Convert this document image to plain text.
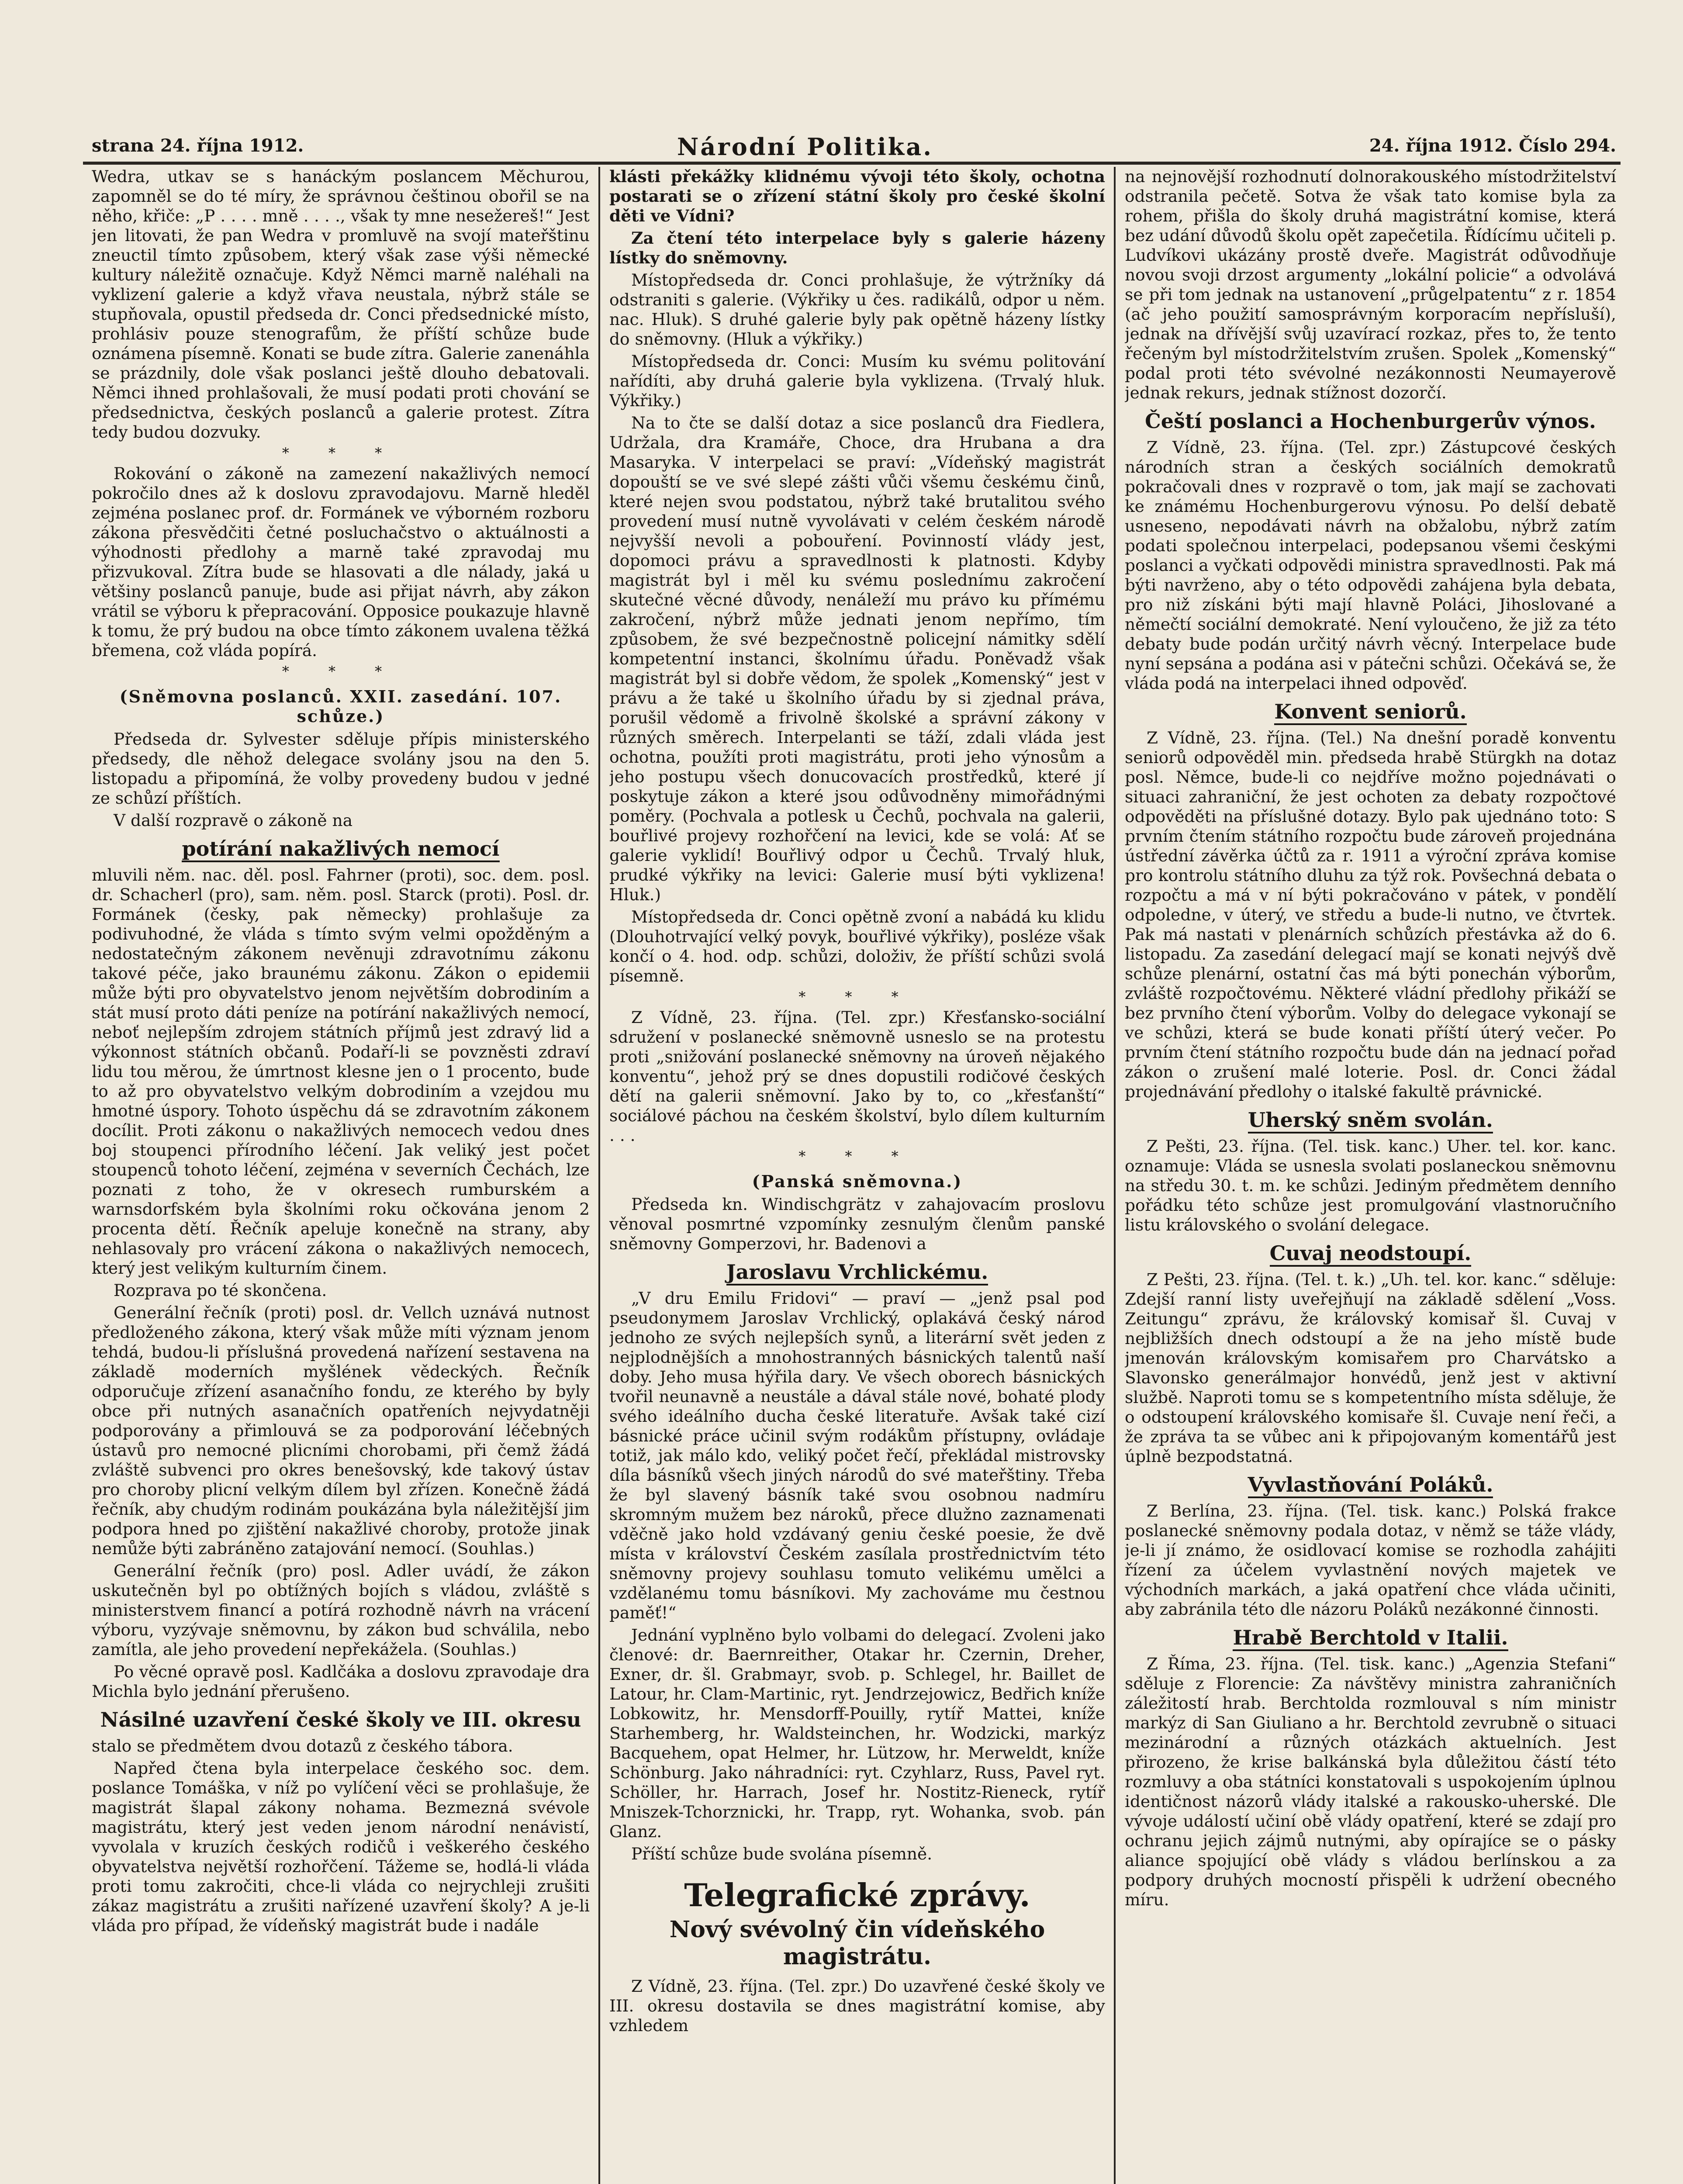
strana 24. října 1912.	Národní Politika.	24. října 1912. Číslo 294.

Wedra, utkav se s hanáckým poslancem Měchurou, zapomněl se do té míry, že správnou češtinou obořil se na něho, křiče: „P . . . . mně . . . ., však ty mne nesežereš!“ Jest jen litovati, že pan Wedra v promluvě na svojí mateřštinu zneuctil tímto způsobem, který však zase výši německé kultury náležitě označuje. Když Němci marně naléhali na vyklizení galerie a když vřava neustala, nýbrž stále se stupňovala, opustil předseda dr. Conci předsednické místo, prohlásiv pouze stenografům, že příští schůze bude oznámena písemně. Konati se bude zítra. Galerie zanenáhla se prázdnily, dole však poslanci ještě dlouho debatovali. Němci ihned prohlašovali, že musí podati proti chování se předsednictva, českých poslanců a galerie protest. Zítra tedy budou dozvuky.

* * *

Rokování o zákoně na zamezení nakažlivých nemocí pokročilo dnes až k doslovu zpravodajovu. Marně hleděl zejména poslanec prof. dr. Formánek ve výborném rozboru zákona přesvědčiti četné posluchačstvo o aktuálnosti a výhodnosti předlohy a marně také zpravodaj mu přizvukoval. Zítra bude se hlasovati a dle nálady, jaká u většiny poslanců panuje, bude asi přijat návrh, aby zákon vrátil se výboru k přepracování. Opposice poukazuje hlavně k tomu, že prý budou na obce tímto zákonem uvalena těžká břemena, což vláda popírá.

* * *
(Sněmovna poslanců. XXII. zasedání. 107. schůze.)

Předseda dr. Sylvester sděluje přípis ministerského předsedy, dle něhož delegace svolány jsou na den 5. listopadu a připomíná, že volby provedeny budou v jedné ze schůzí příštích.

V další rozpravě o zákoně na

potírání nakažlivých nemocí

mluvili něm. nac. děl. posl. Fahrner (proti), soc. dem. posl. dr. Schacherl (pro), sam. něm. posl. Starck (proti). Posl. dr. Formánek (česky, pak německy) prohlašuje za podivuhodné, že vláda s tímto svým velmi opožděným a nedostatečným zákonem nevěnuji zdravotnímu zákonu takové péče, jako braunému zákonu. Zákon o epidemii může býti pro obyvatelstvo jenom největším dobrodiním a stát musí proto dáti peníze na potírání nakažlivých nemocí, neboť nejlepším zdrojem státních příjmů jest zdravý lid a výkonnost státních občanů. Podaří-li se povzněsti zdraví lidu tou měrou, že úmrtnost klesne jen o 1 procento, bude to až pro obyvatelstvo velkým dobrodiním a vzejdou mu hmotné úspory. Tohoto úspěchu dá se zdravotním zákonem docílit. Proti zákonu o nakažlivých nemocech vedou dnes boj stoupenci přírodního léčení. Jak veliký jest počet stoupenců tohoto léčení, zejména v severních Čechách, lze poznati z toho, že v okresech rumburském a warnsdorfském byla školními roku očkována jenom 2 procenta dětí. Řečník apeluje konečně na strany, aby nehlasovaly pro vrácení zákona o nakažlivých nemocech, který jest velikým kulturním činem.

Rozprava po té skončena.

Generální řečník (proti) posl. dr. Vellch uznává nutnost předloženého zákona, který však může míti význam jenom tehdá, budou-li příslušná provedená nařízení sestavena na základě moderních myšlének vědeckých. Řečník odporučuje zřízení asanačního fondu, ze kterého by byly obce při nutných asanačních opatřeních nejvydatněji podporovány a přimlouvá se za podporování léčebných ústavů pro nemocné plicními chorobami, při čemž žádá zvláště subvenci pro okres benešovský, kde takový ústav pro choroby plicní velkým dílem byl zřízen. Konečně žádá řečník, aby chudým rodinám poukázána byla náležitější jim podpora hned po zjištění nakažlivé choroby, protože jinak nemůže býti zabráněno zatajování nemocí. (Souhlas.)

Generální řečník (pro) posl. Adler uvádí, že zákon uskutečněn byl po obtížných bojích s vládou, zvláště s ministerstvem financí a potírá rozhodně návrh na vrácení výboru, vyzývaje sněmovnu, by zákon bud schválila, nebo zamítla, ale jeho provedení nepřekážela. (Souhlas.)

Po věcné opravě posl. Kadlčáka a doslovu zpravodaje dra Michla bylo jednání přerušeno.

Násilné uzavření české školy ve III. okresu

stalo se předmětem dvou dotazů z českého tábora.

Napřed čtena byla interpelace českého soc. dem. poslance Tomáška, v níž po vylíčení věci se prohlašuje, že magistrát šlapal zákony nohama. Bezmezná svévole magistrátu, který jest veden jenom národní nenávistí, vyvolala v kruzích českých rodičů i veškerého českého obyvatelstva největší rozhořčení. Tážeme se, hodlá-li vláda proti tomu zakročiti, chce-li vláda co nejrychleji zrušiti zákaz magistrátu a zrušiti nařízené uzavření školy? A je-li vláda pro případ, že vídeňský magistrát bude i nadále

klásti překážky klidnému vývoji této školy, ochotna postarati se o zřízení státní školy pro české školní děti ve Vídni?

Za čtení této interpelace byly s galerie házeny lístky do sněmovny.

Místopředseda dr. Conci prohlašuje, že výtržníky dá odstraniti s galerie. (Výkřiky u čes. radikálů, odpor u něm. nac. Hluk). S druhé galerie byly pak opětně házeny lístky do sněmovny. (Hluk a výkřiky.)

Místopředseda dr. Conci: Musím ku svému politování nařídíti, aby druhá galerie byla vyklizena. (Trvalý hluk. Výkřiky.)

Na to čte se další dotaz a sice poslanců dra Fiedlera, Udržala, dra Kramáře, Choce, dra Hrubana a dra Masaryka. V interpelaci se praví: „Vídeňský magistrát dopouští se ve své slepé zášti vůči všemu českému činů, které nejen svou podstatou, nýbrž také brutalitou svého provedení musí nutně vyvolávati v celém českém národě nejvyšší nevoli a pobouření. Povinností vlády jest, dopomoci právu a spravedlnosti k platnosti. Kdyby magistrát byl i měl ku svému poslednímu zakročení skutečné věcné důvody, nenáleží mu právo ku přímému zakročení, nýbrž může jednati jenom nepřímo, tím způsobem, že své bezpečnostně policejní námitky sdělí kompetentní instanci, školnímu úřadu. Poněvadž však magistrát byl si dobře vědom, že spolek „Komenský“ jest v právu a že také u školního úřadu by si zjednal práva, porušil vědomě a frivolně školské a správní zákony v různých směrech. Interpelanti se táží, zdali vláda jest ochotna, použíti proti magistrátu, proti jeho výnosům a jeho postupu všech donucovacích prostředků, které jí poskytuje zákon a které jsou odůvodněny mimořádnými poměry. (Pochvala a potlesk u Čechů, pochvala na galerii, bouřlivé projevy rozhořčení na levici, kde se volá: Ať se galerie vyklidí! Bouřlivý odpor u Čechů. Trvalý hluk, prudké výkřiky na levici: Galerie musí býti vyklizena! Hluk.)

Místopředseda dr. Conci opětně zvoní a nabádá ku klidu (Dlouhotrvající velký povyk, bouřlivé výkřiky), posléze však končí o 4. hod. odp. schůzi, doloživ, že příští schůzi svolá písemně.

* * *

Z Vídně, 23. října. (Tel. zpr.) Křesťansko-sociální sdružení v poslanecké sněmovně usneslo se na protestu proti „snižování poslanecké sněmovny na úroveň nějakého konventu“, jehož prý se dnes dopustili rodičové českých dětí na galerii sněmovní. Jako by to, co „křesťanští“ sociálové páchou na českém školství, bylo dílem kulturním . . .

* * *
(Panská sněmovna.)

Předseda kn. Windischgrätz v zahajovacím proslovu věnoval posmrtné vzpomínky zesnulým členům panské sněmovny Gomperzovi, hr. Badenovi a

Jaroslavu Vrchlickému.

„V dru Emilu Fridovi“ — praví — „jenž psal pod pseudonymem Jaroslav Vrchlický, oplakává český národ jednoho ze svých nejlepších synů, a literární svět jeden z nejplodnějších a mnohostranných básnických talentů naší doby. Jeho musa hýřila dary. Ve všech oborech básnických tvořil neunavně a neustále a dával stále nové, bohaté plody svého ideálního ducha české literatuře. Avšak také cizí básnické práce učinil svým rodákům přístupny, ovládaje totiž, jak málo kdo, veliký počet řečí, překládal mistrovsky díla básníků všech jiných národů do své mateřštiny. Třeba že byl slavený básník také svou osobnou nadmíru skromným mužem bez nároků, přece dlužno zaznamenati vděčně jako hold vzdávaný geniu české poesie, že dvě místa v království Českém zasílala prostřednictvím této sněmovny projevy souhlasu tomuto velikému umělci a vzdělanému tomu básníkovi. My zachováme mu čestnou paměť!“

Jednání vyplněno bylo volbami do delegací. Zvoleni jako členové: dr. Baernreither, Otakar hr. Czernin, Dreher, Exner, dr. šl. Grabmayr, svob. p. Schlegel, hr. Baillet de Latour, hr. Clam-Martinic, ryt. Jendrzejowicz, Bedřich kníže Lobkowitz, hr. Mensdorff-Pouilly, rytíř Mattei, kníže Starhemberg, hr. Waldsteinchen, hr. Wodzicki, markýz Bacquehem, opat Helmer, hr. Lützow, hr. Merweldt, kníže Schönburg. Jako náhradníci: ryt. Czyhlarz, Russ, Pavel ryt. Schöller, hr. Harrach, Josef hr. Nostitz-Rieneck, rytíř Mniszek-Tchorznicki, hr. Trapp, ryt. Wohanka, svob. pán Glanz.

Příští schůze bude svolána písemně.

Telegrafické zprávy.
Nový svévolný čin vídeňského magistrátu.

Z Vídně, 23. října. (Tel. zpr.) Do uzavřené české školy ve III. okresu dostavila se dnes magistrátní komise, aby vzhledem

na nejnovější rozhodnutí dolnorakouského místodržitelství odstranila pečetě. Sotva že však tato komise byla za rohem, přišla do školy druhá magistrátní komise, která bez udání důvodů školu opět zapečetila. Řídícímu učiteli p. Ludvíkovi ukázány prostě dveře. Magistrát odůvodňuje novou svoji drzost argumenty „lokální policie“ a odvolává se při tom jednak na ustanovení „průgelpatentu“ z r. 1854 (ač jeho použití samosprávným korporacím nepřísluší), jednak na dřívější svůj uzavírací rozkaz, přes to, že tento řečeným byl místodržitelstvím zrušen. Spolek „Komenský“ podal proti této svévolné nezákonnosti Neumayerově jednak rekurs, jednak stížnost dozorčí.

Čeští poslanci a Hochenburgerův výnos.

Z Vídně, 23. října. (Tel. zpr.) Zástupcové českých národních stran a českých sociálních demokratů pokračovali dnes v rozpravě o tom, jak mají se zachovati ke známému Hochenburgerovu výnosu. Po delší debatě usneseno, nepodávati návrh na obžalobu, nýbrž zatím podati společnou interpelaci, podepsanou všemi českými poslanci a vyčkati odpovědi ministra spravedlnosti. Pak má býti navrženo, aby o této odpovědi zahájena byla debata, pro niž získáni býti mají hlavně Poláci, Jihoslované a němečtí sociální demokraté. Není vyloučeno, že již za této debaty bude podán určitý návrh věcný. Interpelace bude nyní sepsána a podána asi v pátečni schůzi. Očekává se, že vláda podá na interpelaci ihned odpověď.

Konvent seniorů.

Z Vídně, 23. října. (Tel.) Na dnešní poradě konventu seniorů odpověděl min. předseda hrabě Stürgkh na dotaz posl. Němce, bude-li co nejdříve možno pojednávati o situaci zahraniční, že jest ochoten za debaty rozpočtové odpověděti na příslušné dotazy. Bylo pak ujednáno toto: S prvním čtením státního rozpočtu bude zároveň projednána ústřední závěrka účtů za r. 1911 a výroční zpráva komise pro kontrolu státního dluhu za týž rok. Povšechná debata o rozpočtu a má v ní býti pokračováno v pátek, v pondělí odpoledne, v úterý, ve středu a bude-li nutno, ve čtvrtek. Pak má nastati v plenárních schůzích přestávka až do 6. listopadu. Za zasedání delegací mají se konati nejvýš dvě schůze plenární, ostatní čas má býti ponechán výborům, zvláště rozpočtovému. Některé vládní předlohy přikáží se bez prvního čtení výborům. Volby do delegace vykonají se ve schůzi, která se bude konati příští úterý večer. Po prvním čtení státního rozpočtu bude dán na jednací pořad zákon o zrušení malé loterie. Posl. dr. Conci žádal projednávání předlohy o italské fakultě právnické.

Uherský sněm svolán.

Z Pešti, 23. října. (Tel. tisk. kanc.) Uher. tel. kor. kanc. oznamuje: Vláda se usnesla svolati poslaneckou sněmovnu na středu 30. t. m. ke schůzi. Jediným předmětem denního pořádku této schůze jest promulgování vlastnoručního listu královského o svolání delegace.

Cuvaj neodstoupí.

Z Pešti, 23. října. (Tel. t. k.) „Uh. tel. kor. kanc.“ sděluje: Zdejší ranní listy uveřejňují na základě sdělení „Voss. Zeitungu“ zprávu, že královský komisař šl. Cuvaj v nejbližších dnech odstoupí a že na jeho místě bude jmenován královským komisařem pro Charvátsko a Slavonsko generálmajor honvédů, jenž jest v aktivní službě. Naproti tomu se s kompetentního místa sděluje, že o odstoupení královského komisaře šl. Cuvaje není řeči, a že zpráva ta se vůbec ani k připojovaným komentářů jest úplně bezpodstatná.

Vyvlastňování Poláků.

Z Berlína, 23. října. (Tel. tisk. kanc.) Polská frakce poslanecké sněmovny podala dotaz, v němž se táže vlády, je-li jí známo, že osidlovací komise se rozhodla zahájiti řízení za účelem vyvlastnění nových majetek ve východních markách, a jaká opatření chce vláda učiniti, aby zabránila této dle názoru Poláků nezákonné činnosti.

Hrabě Berchtold v Italii.

Z Říma, 23. října. (Tel. tisk. kanc.) „Agenzia Stefani“ sděluje z Florencie: Za návštěvy ministra zahraničních záležitostí hrab. Berchtolda rozmlouval s ním ministr markýz di San Giuliano a hr. Berchtold zevrubně o situaci mezinárodní a různých otázkách aktuelních. Jest přirozeno, že krise balkánská byla důležitou částí této rozmluvy a oba státníci konstatovali s uspokojením úplnou identičnost názorů vlády italské a rakousko-uherské. Dle vývoje událostí učiní obě vlády opatření, které se zdají pro ochranu jejich zájmů nutnými, aby opírajíce se o pásky aliance spojující obě vlády s vládou berlínskou a za podpory druhých mocností přispěli k udržení obecného míru.
